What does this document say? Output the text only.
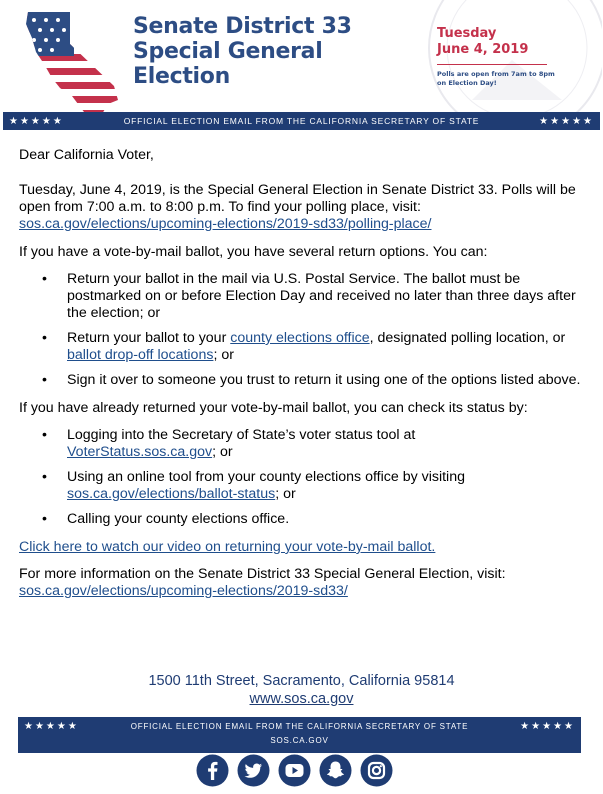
Senate District 33
Special General
Election
Tuesday
June 4, 2019
Polls are open from 7am to 8pm on Election Day!
★★★★★	OFFICIAL ELECTION EMAIL FROM THE CALIFORNIA SECRETARY OF STATE	★★★★★

Dear California Voter,

Tuesday, June 4, 2019, is the Special General Election in Senate District 33. Polls will be open from 7:00 a.m. to 8:00 p.m. To find your polling place, visit:
sos.ca.gov/elections/upcoming-elections/2019-sd33/polling-place/

If you have a vote-by-mail ballot, you have several return options. You can:

• Return your ballot in the mail via U.S. Postal Service. The ballot must be postmarked on or before Election Day and received no later than three days after the election; or
• Return your ballot to your county elections office, designated polling location, or ballot drop-off locations; or
• Sign it over to someone you trust to return it using one of the options listed above.

If you have already returned your vote-by-mail ballot, you can check its status by:

• Logging into the Secretary of State’s voter status tool at
VoterStatus.sos.ca.gov; or
• Using an online tool from your county elections office by visiting
sos.ca.gov/elections/ballot-status; or
• Calling your county elections office.

Click here to watch our video on returning your vote-by-mail ballot.

For more information on the Senate District 33 Special General Election, visit:
sos.ca.gov/elections/upcoming-elections/2019-sd33/

1500 11th Street, Sacramento, California 95814
www.sos.ca.gov
★★★★★	OFFICIAL ELECTION EMAIL FROM THE CALIFORNIA SECRETARY OF STATE	★★★★★
SOS.CA.GOV
